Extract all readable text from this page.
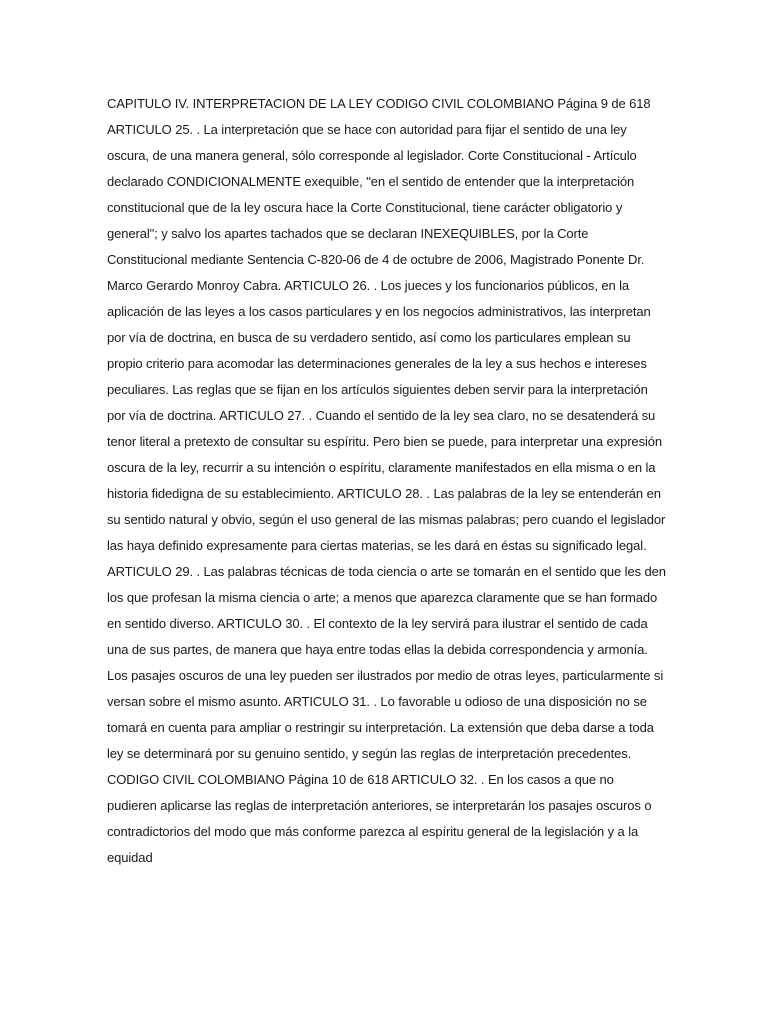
CAPITULO IV. INTERPRETACION DE LA LEY CODIGO CIVIL COLOMBIANO Página 9 de 618 ARTICULO 25. . La interpretación que se hace con autoridad para fijar el sentido de una ley oscura, de una manera general, sólo corresponde al legislador. Corte Constitucional - Artículo declarado CONDICIONALMENTE exequible, "en el sentido de entender que la interpretación constitucional que de la ley oscura hace la Corte Constitucional, tiene carácter obligatorio y general"; y salvo los apartes tachados que se declaran INEXEQUIBLES, por la Corte Constitucional mediante Sentencia C-820-06 de 4 de octubre de 2006, Magistrado Ponente Dr. Marco Gerardo Monroy Cabra. ARTICULO 26. . Los jueces y los funcionarios públicos, en la aplicación de las leyes a los casos particulares y en los negocios administrativos, las interpretan por vía de doctrina, en busca de su verdadero sentido, así como los particulares emplean su propio criterio para acomodar las determinaciones generales de la ley a sus hechos e intereses peculiares. Las reglas que se fijan en los artículos siguientes deben servir para la interpretación por vía de doctrina. ARTICULO 27. . Cuando el sentido de la ley sea claro, no se desatenderá su tenor literal a pretexto de consultar su espíritu. Pero bien se puede, para interpretar una expresión oscura de la ley, recurrir a su intención o espíritu, claramente manifestados en ella misma o en la historia fidedigna de su establecimiento. ARTICULO 28. . Las palabras de la ley se entenderán en su sentido natural y obvio, según el uso general de las mismas palabras; pero cuando el legislador las haya definido expresamente para ciertas materias, se les dará en éstas su significado legal. ARTICULO 29. . Las palabras técnicas de toda ciencia o arte se tomarán en el sentido que les den los que profesan la misma ciencia o arte; a menos que aparezca claramente que se han formado en sentido diverso. ARTICULO 30. . El contexto de la ley servirá para ilustrar el sentido de cada una de sus partes, de manera que haya entre todas ellas la debida correspondencia y armonía. Los pasajes oscuros de una ley pueden ser ilustrados por medio de otras leyes, particularmente si versan sobre el mismo asunto. ARTICULO 31. . Lo favorable u odioso de una disposición no se tomará en cuenta para ampliar o restringir su interpretación. La extensión que deba darse a toda ley se determinará por su genuino sentido, y según las reglas de interpretación precedentes. CODIGO CIVIL COLOMBIANO Página 10 de 618 ARTICULO 32. . En los casos a que no pudieren aplicarse las reglas de interpretación anteriores, se interpretarán los pasajes oscuros o contradictorios del modo que más conforme parezca al espíritu general de la legislación y a la equidad
